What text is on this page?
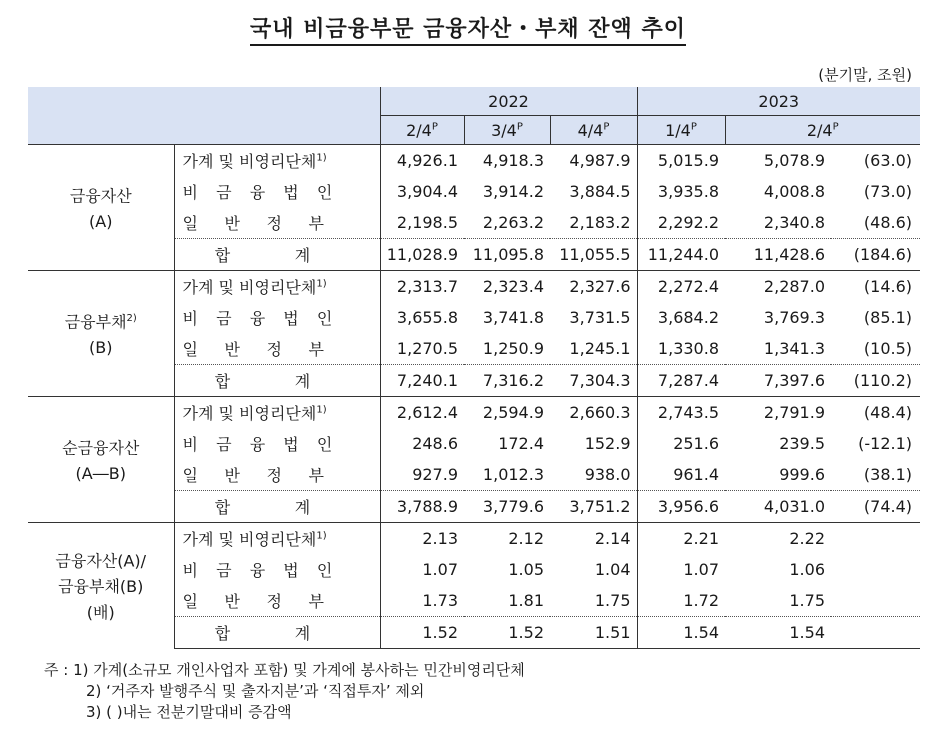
국내 비금융부문 금융자산・부채 잔액 추이
(분기말, 조원)
		2022			2023		
		$2/4^P$	$3/4^P$	$4/4^P$	$1/4^P$	$2/4^P$

금융자산
(A)	가계 및 비영리단체$^{1)}$	4,926.1	4,918.3	4,987.9	5,015.9	5,078.9	(63.0)

비 금 융 법 인	3,904.4	3,914.2	3,884.5	3,935.8	4,008.8	(73.0)

일 반 정 부	2,198.5	2,263.2	2,183.2	2,292.2	2,340.8	(48.6)

합 계	11,028.9	11,095.8	11,055.5	11,244.0	11,428.6	(184.6)

금융부채$^{2)}$
(B)	가계 및 비영리단체$^{1)}$	2,313.7	2,323.4	2,327.6	2,272.4	2,287.0	(14.6)

비 금 융 법 인	3,655.8	3,741.8	3,731.5	3,684.2	3,769.3	(85.1)

일 반 정 부	1,270.5	1,250.9	1,245.1	1,330.8	1,341.3	(10.5)

합 계	7,240.1	7,316.2	7,304.3	7,287.4	7,397.6	(110.2)

순금융자산
(A―B)	가계 및 비영리단체$^{1)}$	2,612.4	2,594.9	2,660.3	2,743.5	2,791.9	(48.4)

비 금 융 법 인	248.6	172.4	152.9	251.6	239.5	(-12.1)

일 반 정 부	927.9	1,012.3	938.0	961.4	999.6	(38.1)

합 계	3,788.9	3,779.6	3,751.2	3,956.6	4,031.0	(74.4)

금융자산(A)/
금융부채(B)
(배)	가계 및 비영리단체$^{1)}$	2.13	2.12	2.14	2.21	2.22	

비 금 융 법 인	1.07	1.05	1.04	1.07	1.06	

일 반 정 부	1.73	1.81	1.75	1.72	1.75	

합 계	1.52	1.52	1.51	1.54	1.54	
주 : 1) 가계(소규모 개인사업자 포함) 및 가계에 봉사하는 민간비영리단체
2) ‘거주자 발행주식 및 출자지분’과 ‘직접투자’ 제외
3) ( )내는 전분기말대비 증감액
